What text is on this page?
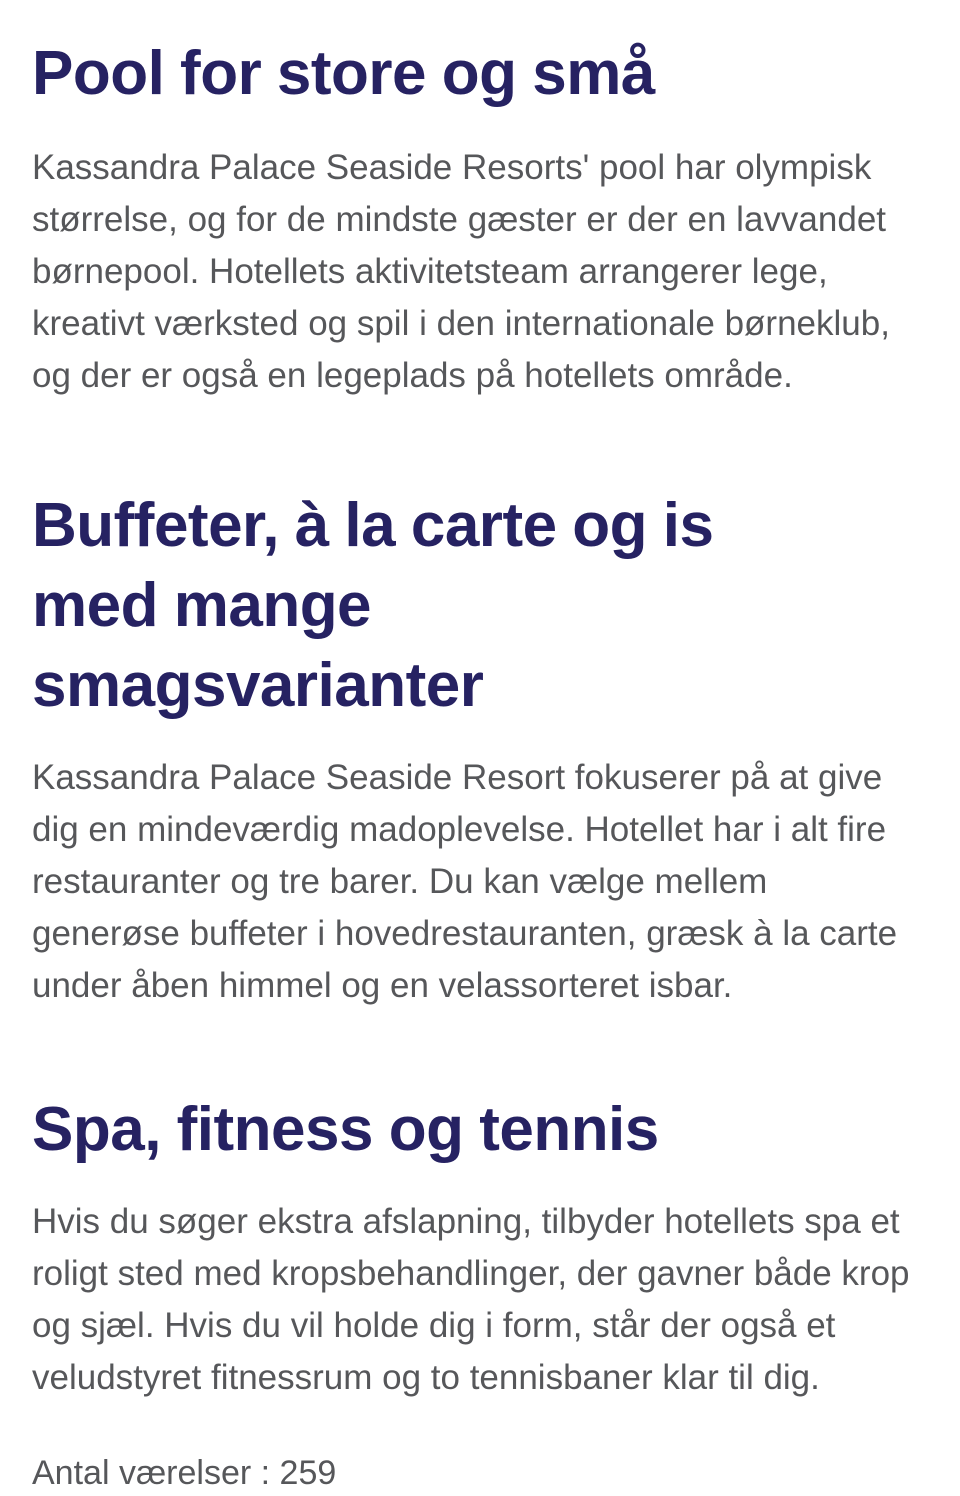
Pool for store og små

Kassandra Palace Seaside Resorts' pool har olympisk størrelse, og for de mindste gæster er der en lavvandet børnepool. Hotellets aktivitetsteam arrangerer lege, kreativt værksted og spil i den internationale børneklub, og der er også en legeplads på hotellets område.

Buffeter, à la carte og is med mange smagsvarianter

Kassandra Palace Seaside Resort fokuserer på at give dig en mindeværdig madoplevelse. Hotellet har i alt fire restauranter og tre barer. Du kan vælge mellem generøse buffeter i hovedrestauranten, græsk à la carte under åben himmel og en velassorteret isbar.

Spa, fitness og tennis

Hvis du søger ekstra afslapning, tilbyder hotellets spa et roligt sted med kropsbehandlinger, der gavner både krop og sjæl. Hvis du vil holde dig i form, står der også et veludstyret fitnessrum og to tennisbaner klar til dig.

Antal værelser : 259
